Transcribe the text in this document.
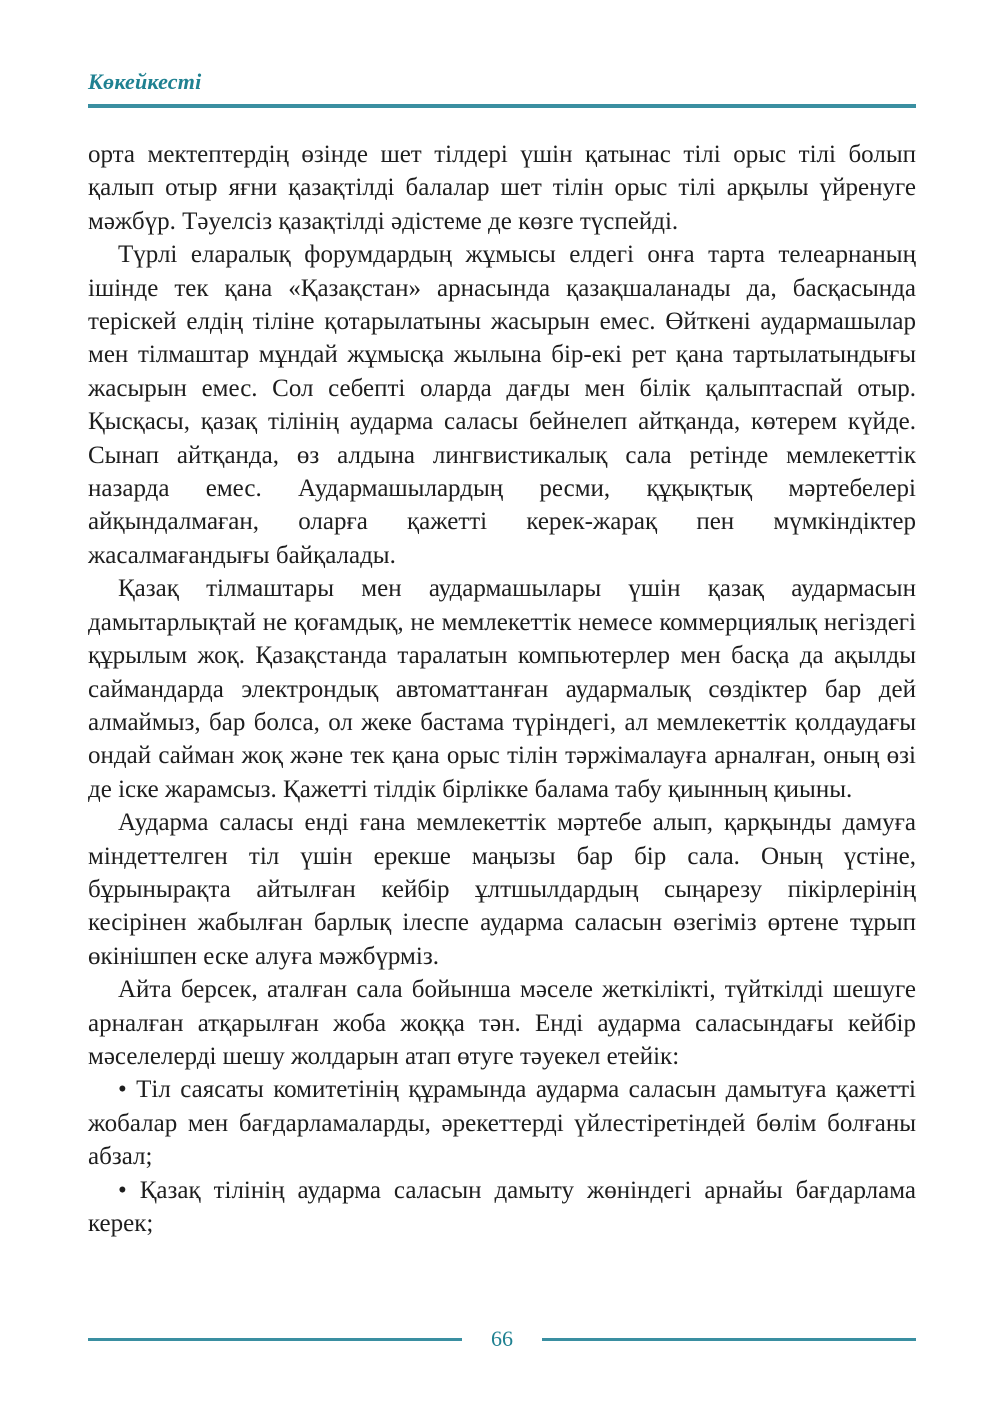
Көкейкесті

орта мектептердің өзінде шет тілдері үшін қатынас тілі орыс тілі болып қалып отыр яғни қазақтілді балалар шет тілін орыс тілі арқылы үйренуге мәжбүр. Тәуелсіз қазақтілді әдістеме де көзге түспейді.

Түрлі еларалық форумдардың жұмысы елдегі онға тарта телеарнаның ішінде тек қана «Қазақстан» арнасында қазақшаланады да, басқасында терiскей елдің тiлiне қотарылатыны жасырын емес. Өйткенi аудармашылар мен тілмаштар мұндай жұмысқа жылына бiр-екi рет қана тартылатындығы жасырын емес. Сол себептi оларда дағды мен бiлiк қалыптаспай отыр. Қысқасы, қазақ тiлiнiң аударма саласы бейнелеп айтқанда, көтерем күйде. Сынап айтқанда, өз алдына лингвистикалық сала ретiнде мемлекеттiк назарда емес. Аудармашылардың ресми, құқықтық мәртебелерi айқындалмаған, оларға қажеттi керек-жарақ пен мүмкiндiктер жасалмағандығы байқалады.

Қазақ тілмаштары мен аудармашылары үшiн қазақ аудармасын дамытарлықтай не қоғамдық, не мемлекеттiк немесе коммерциялық негiздегi құрылым жоқ. Қазақстанда таралатын компьютерлер мен басқа да ақылды саймандарда электрондық автоматтанған аудармалық сөздiктер бар дей алмаймыз, бар болса, ол жеке бастама түрiндегi, ал мемлекеттiк қолдаудағы ондай сайман жоқ және тек қана орыс тiлiн тәржiмалауға арналған, оның өзi де iске жарамсыз. Қажеттi тiлдiк бiрлiкке балама табу қиынның қиыны.

Аударма саласы ендi ғана мемлекеттiк мәртебе алып, қарқынды дамуға мiндеттелген тiл үшiн ерекше маңызы бар бiр сала. Оның үстiне, бұрынырақта айтылған кейбiр ұлтшылдардың сыңарезу пiкiрлерiнiң кесiрiнен жабылған барлық iлеспе аударма саласын өзегiмiз өртене тұрып өкiнiшпен еске алуға мәжбүрмiз.

Айта берсек, аталған сала бойынша мәселе жеткiлiктi, түйткiлдi шешуге арналған атқарылған жоба жоққа тән. Ендi аударма саласындағы кейбiр мәселелердi шешу жолдарын атап өтуге тәуекел етейiк:

• Тiл саясаты комитетiнiң құрамында аударма саласын дамытуға қажеттi жобалар мен бағдарламаларды, әрекеттердi үйлестiретiндей бөлiм болғаны абзал;

• Қазақ тiлiнiң аударма саласын дамыту жөнiндегi арнайы бағдарлама керек;

66
